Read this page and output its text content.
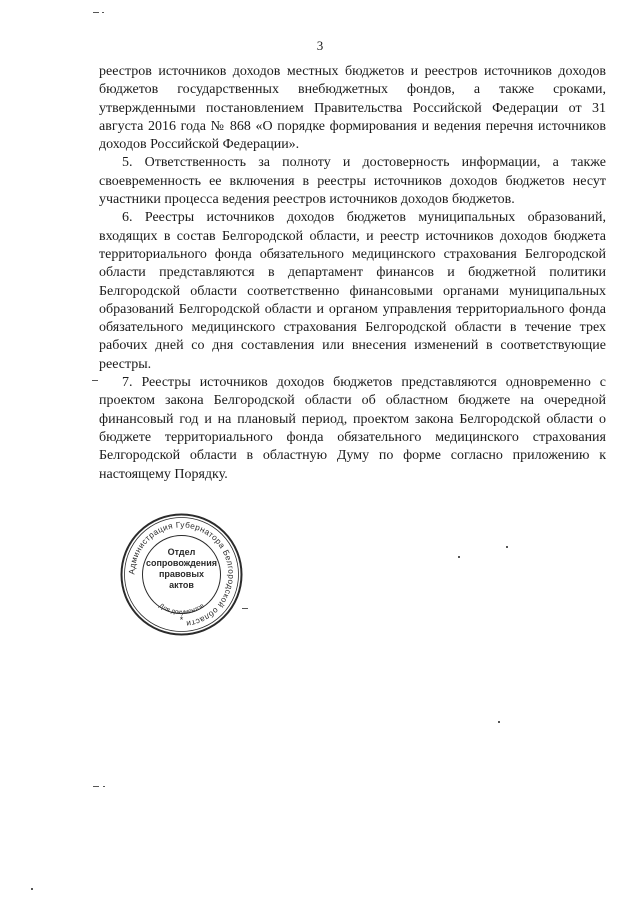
3

реестров источников доходов местных бюджетов и реестров источников доходов бюджетов государственных внебюджетных фондов, а также сроками, утвержденными постановлением Правительства Российской Федерации от 31 августа 2016 года № 868 «О порядке формирования и ведения перечня источников доходов Российской Федерации».

5. Ответственность за полноту и достоверность информации, а также своевременность ее включения в реестры источников доходов бюджетов несут участники процесса ведения реестров источников доходов бюджетов.

6. Реестры источников доходов бюджетов муниципальных образований, входящих в состав Белгородской области, и реестр источников доходов бюджета территориального фонда обязательного медицинского страхования Белгородской области представляются в департамент финансов и бюджетной политики Белгородской области соответственно финансовыми органами муниципальных образований Белгородской области и органом управления территориального фонда обязательного медицинского страхования Белгородской области в течение трех рабочих дней со дня составления или внесения изменений в соответствующие реестры.

7. Реестры источников доходов бюджетов представляются одновременно с проектом закона Белгородской области об областном бюджете на очередной финансовый год и на плановый период, проектом закона Белгородской области о бюджете территориального фонда обязательного медицинского страхования Белгородской области в областную Думу по форме согласно приложению к настоящему Порядку.

Администрация Губернатора Белгородской области
Отдел
сопровождения
правовых
актов
Для документов
*
